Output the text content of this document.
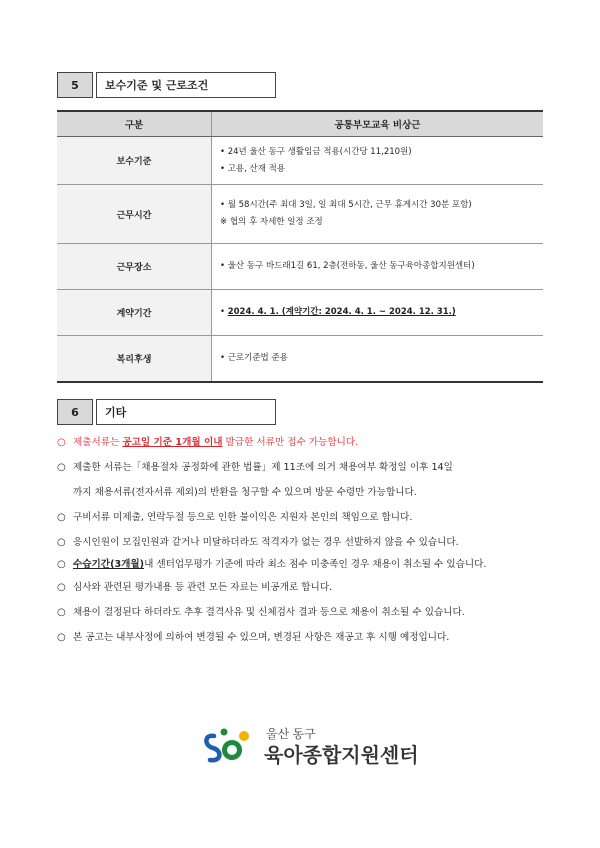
5	보수기준 및 근로조건
구분	공통부모교육 비상근
보수기준	• 24년 울산 동구 생활임금 적용(시간당 11,210원)
• 고용, 산재 적용

근무시간	• 월 58시간(주 최대 3일, 일 최대 5시간, 근무 휴게시간 30분 포함)
※ 협의 후 자세한 일정 조정

근무장소	• 울산 동구 바드래1길 61, 2층(전하동, 울산 동구육아종합지원센터)

계약기간	• 2024. 4. 1. (계약기간: 2024. 4. 1. ~ 2024. 12. 31.)
복리후생	• 근로기준법 준용
6	기타
○ 제출서류는 공고일 기준 1개월 이내 발급한 서류만 접수 가능합니다.
○ 제출한 서류는「채용절차 공정화에 관한 법률」제 11조에 의거 채용여부 확정일 이후 14일
까지 채용서류(전자서류 제외)의 반환을 청구할 수 있으며 방문 수령만 가능합니다.
○ 구비서류 미제출, 연락두절 등으로 인한 불이익은 지원자 본인의 책임으로 합니다.
○ 응시인원이 모집인원과 같거나 미달하더라도 적격자가 없는 경우 선발하지 않을 수 있습니다.
○ 수습기간(3개월)내 센터업무평가 기준에 따라 최소 점수 미충족인 경우 채용이 취소될 수 있습니다.
○ 심사와 관련된 평가내용 등 관련 모든 자료는 비공개로 합니다.
○ 채용이 결정된다 하더라도 추후 결격사유 및 신체검사 결과 등으로 채용이 취소될 수 있습니다.
○ 본 공고는 내부사정에 의하여 변경될 수 있으며, 변경된 사항은 재공고 후 시행 예정입니다.
울산 동구
육아종합지원센터
